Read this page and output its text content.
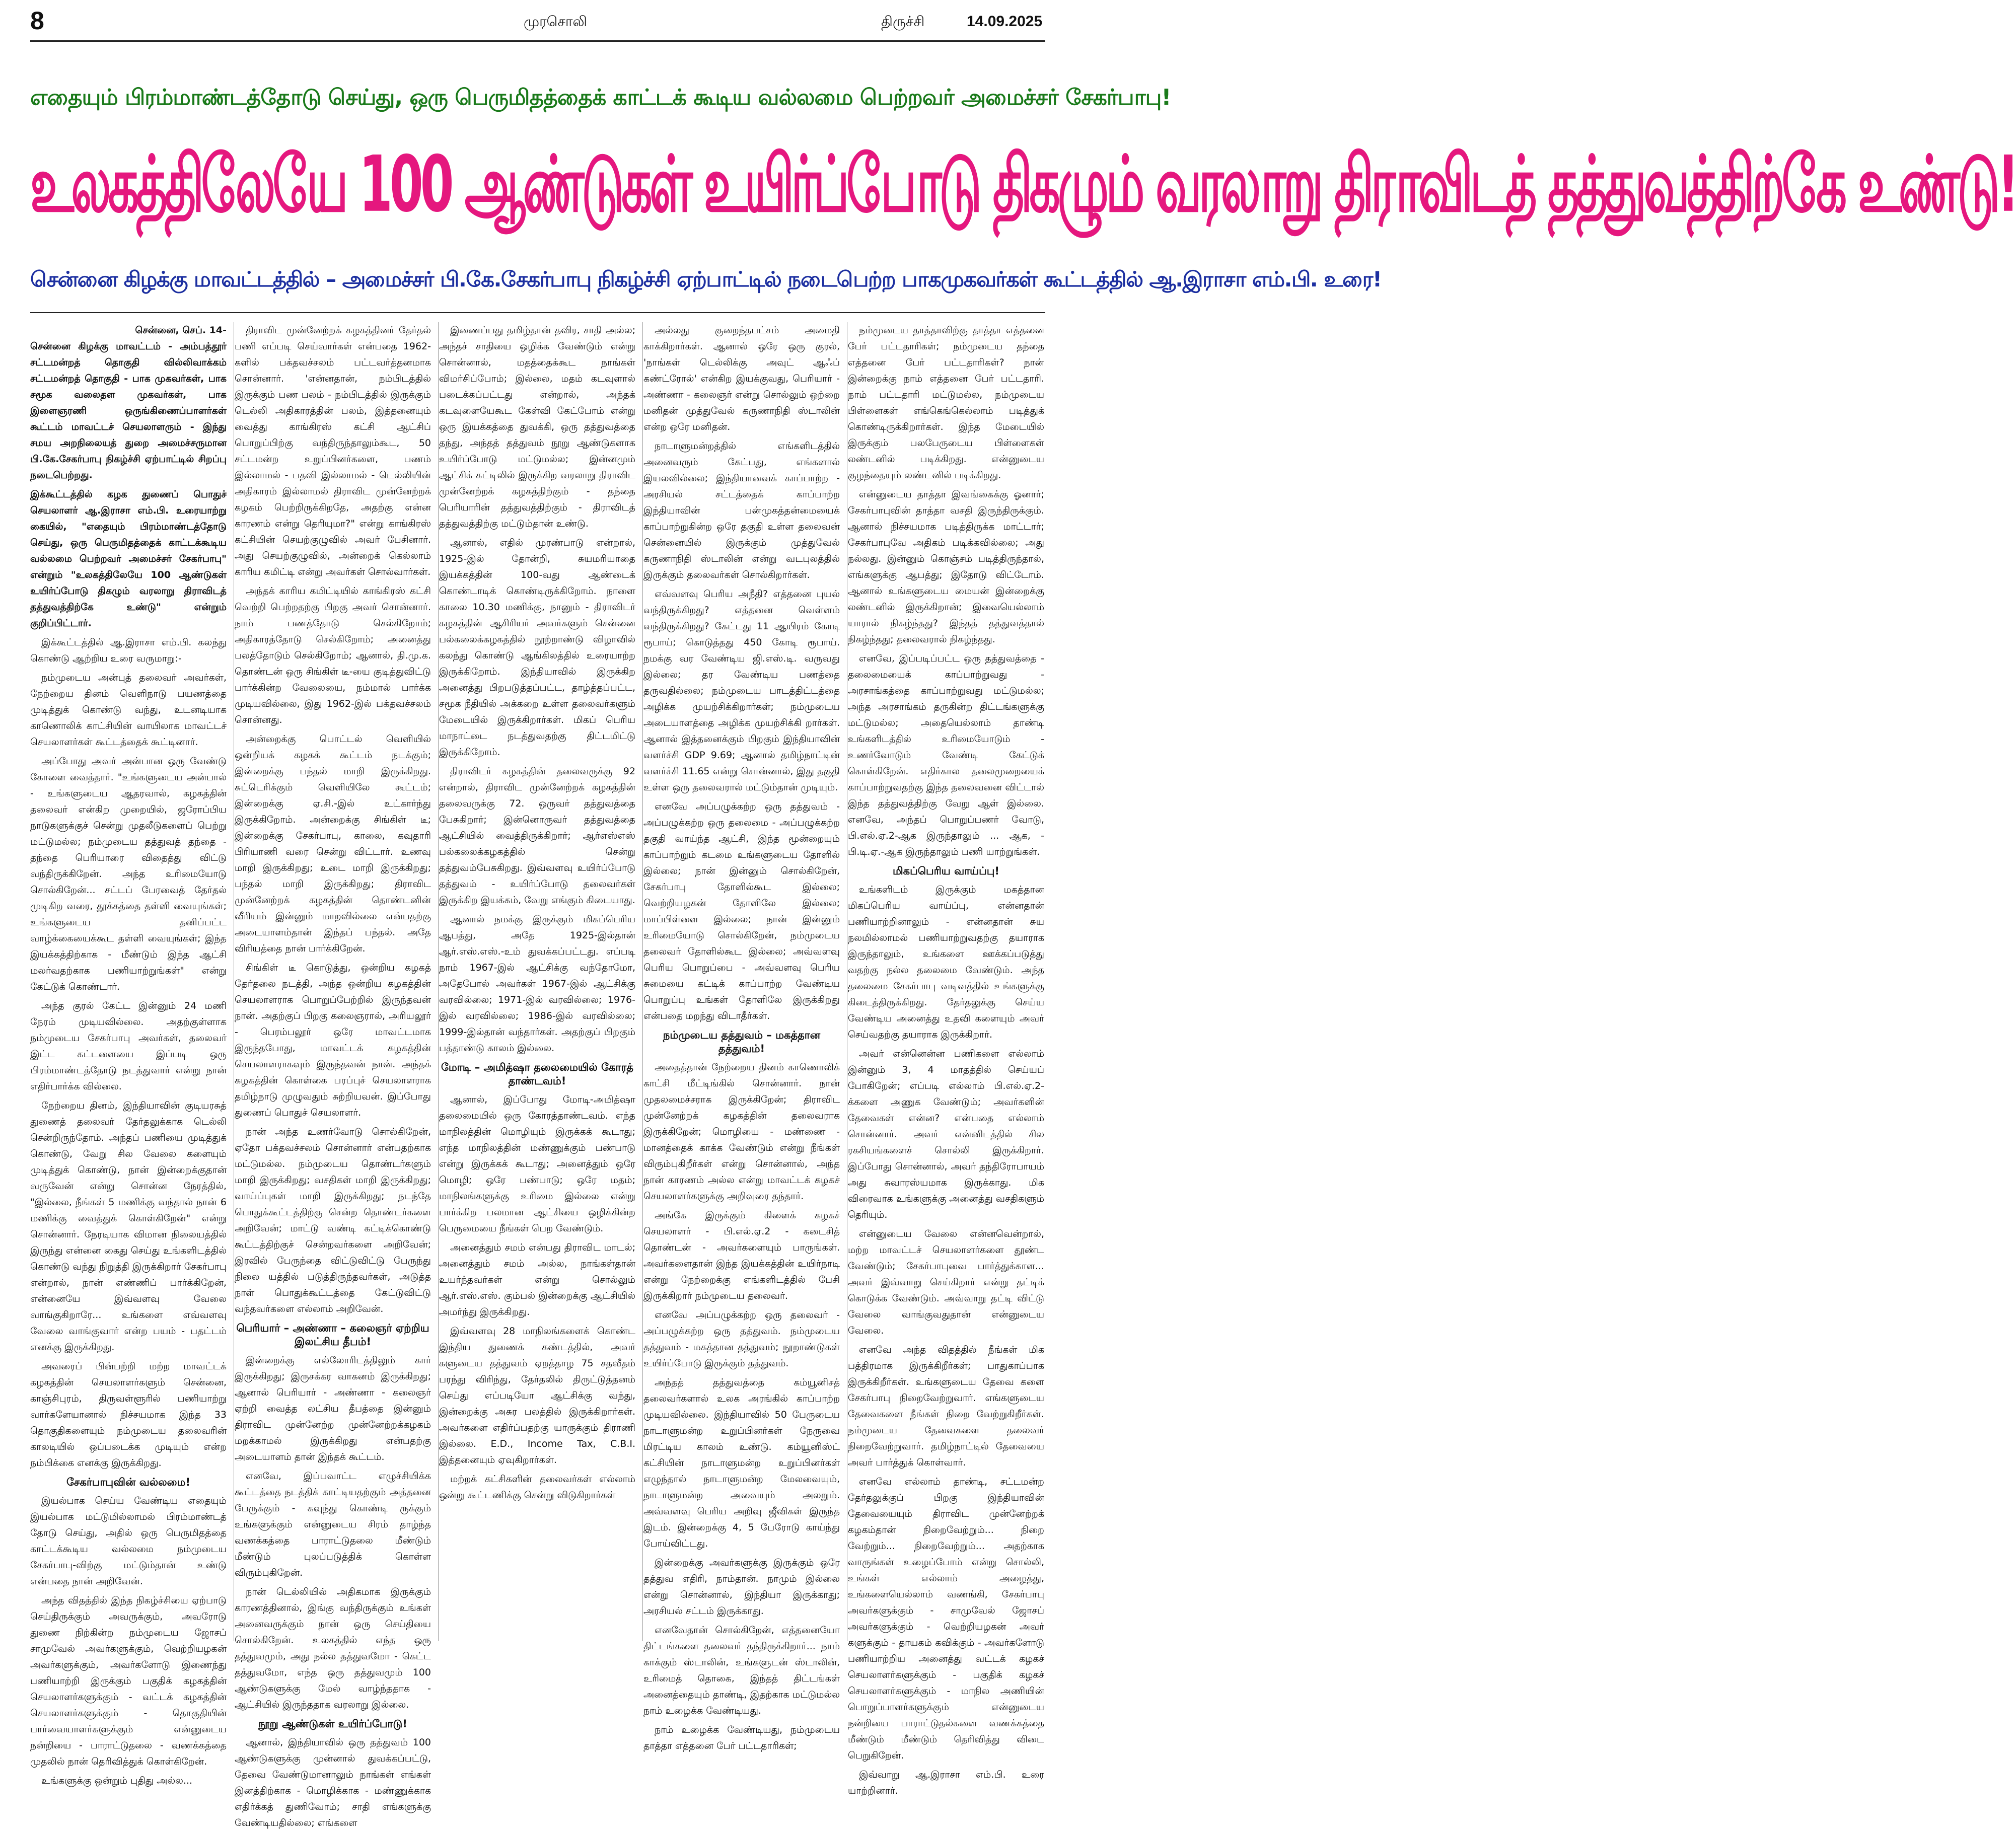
8	முரசொலி	திருச்சி	14.09.2025
எதையும் பிரம்மாண்டத்தோடு செய்து, ஒரு பெருமிதத்தைக் காட்டக் கூடிய வல்லமை பெற்றவர் அமைச்சர் சேகர்பாபு!
உலகத்திலேயே 100 ஆண்டுகள் உயிர்ப்போடு திகழும் வரலாறு திராவிடத் தத்துவத்திற்கே உண்டு!
சென்னை கிழக்கு மாவட்டத்தில் – அமைச்சர் பி.கே.சேகர்பாபு நிகழ்ச்சி ஏற்பாட்டில் நடைபெற்ற பாகமுகவர்கள் கூட்டத்தில் ஆ.இராசா எம்.பி. உரை!
சென்னை, செப். 14-

சென்னை கிழக்கு மாவட்டம் - அம்பத்தூர் சட்டமன்றத் தொகுதி வில்லிவாக்கம் சட்டமன்றத் தொகுதி - பாக முகவர்கள், பாக சமூக வலைதள முகவர்கள், பாக இளைஞரணி ஒருங்கிணைப்பாளர்கள் கூட்டம் மாவட்டச் செயலாளரும் - இந்து சமய அறநிலையத் துறை அமைச்சருமான பி.கே.சேகர்பாபு நிகழ்ச்சி ஏற்பாட்டில் சிறப்பு நடைபெற்றது.

இக்கூட்டத்தில் கழக துணைப் பொதுச் செயலாளர் ஆ.இராசா எம்.பி. உரையாற்று கையில், "எதையும் பிரம்மாண்டத்தோடு செய்து, ஒரு பெருமிதத்தைக் காட்டக்கூடிய வல்லமை பெற்றவர் அமைச்சர் சேகர்பாபு" என்றும் "உலகத்திலேயே 100 ஆண்டுகள் உயிர்ப்போடு திகழும் வரலாறு திராவிடத் தத்துவத்திற்கே உண்டு" என்றும் குறிப்பிட்டார்.

இக்கூட்டத்தில் ஆ.இராசா எம்.பி. கலந்து கொண்டு ஆற்றிய உரை வருமாறு:-

நம்முடைய அன்புத் தலைவர் அவர்கள், நேற்றைய தினம் வெளிநாடு பயணத்தை முடித்துக் கொண்டு வந்து, உடனடியாக காணொலிக் காட்சியின் வாயிலாக மாவட்டச் செயலாளர்கள் கூட்டத்தைக் கூட்டினார்.

அப்போது அவர் அன்பான ஒரு வேண்டு கோளை வைத்தார். "உங்களுடைய அன்பால் - உங்களுடைய ஆதரவால், கழகத்தின் தலைவர் என்கிற முறையில், ஜரோப்பிய நாடுகளுக்குச் சென்று முதலீடுகளைப் பெற்று மட்டுமல்ல; நம்முடைய தத்துவத் தந்தை - தந்தை பெரியாரை விதைத்து விட்டு வந்திருக்கிறேன். அந்த உரிமையோடு சொல்கிறேன்... சட்டப் பேரவைத் தேர்தல் முடிகிற வரை, தூக்கத்தை தள்ளி வையுங்கள்; உங்களுடைய தனிப்பட்ட வாழ்க்கையைக்கூட தள்ளி வையுங்கள்; இந்த இயக்கத்திற்காக - மீண்டும் இந்த ஆட்சி மலர்வதற்காக பணியாற்றுங்கள்" என்று கேட்டுக் கொண்டார்.

அந்த குரல் கேட்ட இன்னும் 24 மணி நேரம் முடியவில்லை. அதற்குள்ளாக நம்முடைய சேகர்பாபு அவர்கள், தலைவர் இட்ட கட்டளையை இப்படி ஒரு பிரம்மாண்டத்தோடு நடத்துவார் என்று நான் எதிர்பார்க்க வில்லை.

நேற்றைய தினம், இந்தியாவின் குடியரசுத் துணைத் தலைவர் தேர்தலுக்காக டெல்லி சென்றிருந்தோம். அந்தப் பணியை முடித்துக் கொண்டு, வேறு சில வேலை களையும் முடித்துக் கொண்டு, நான் இன்றைக்குதான் வருவேன் என்று சொன்ன நேரத்தில், "இல்லை, நீங்கள் 5 மணிக்கு வந்தால் நான் 6 மணிக்கு வைத்துக் கொள்கிறேன்" என்று சொன்னார். நேரடியாக விமான நிலையத்தில் இருந்து என்னை கைது செய்து உங்களிடத்தில் கொண்டு வந்து நிறுத்தி இருக்கிறார் சேகர்பாபு என்றால், நான் எண்ணிப் பார்க்கிறேன், என்னையே இவ்வளவு வேலை வாங்குகிறாரே... உங்களை எவ்வளவு வேலை வாங்குவார் என்ற பயம் - பதட்டம் எனக்கு இருக்கிறது.

அவரைப் பின்பற்றி மற்ற மாவட்டக் கழகத்தின் செயலாளர்களும் சென்னை, காஞ்சிபுரம், திருவள்ளூரில் பணியாற்று வார்களேயானால் நிச்சயமாக இந்த 33 தொகுதிகளையும் நம்முடைய தலைவரின் காலடியில் ஒப்படைக்க முடியும் என்ற நம்பிக்கை எனக்கு இருக்கிறது.

சேகர்பாபுவின் வல்லமை!

இயல்பாக செய்ய வேண்டிய எதையும் இயல்பாக மட்டுமில்லாமல் பிரம்மாண்டத் தோடு செய்து, அதில் ஒரு பெருமிதத்தை காட்டக்கூடிய வல்லமை நம்முடைய சேகர்பாபு-விற்கு மட்டும்தான் உண்டு என்பதை நான் அறிவேன்.

அந்த விதத்தில் இந்த நிகழ்ச்சியை ஏற்பாடு செய்திருக்கும் அவருக்கும், அவரோடு துணை நிற்கின்ற நம்முடைய ஜோசப் சாமுவேல் அவர்களுக்கும், வெற்றியழகன் அவர்களுக்கும், அவர்களோடு இணைந்து பணியாற்றி இருக்கும் பகுதிக் கழகத்தின் செயலாளர்களுக்கும் - வட்டக் கழகத்தின் செயலாளர்களுக்கும் - தொகுதியின் பார்வையாளர்களுக்கும் என்னுடைய நன்றியை - பாராட்டுதலை - வணக்கத்தை முதலில் நான் தெரிவித்துக் கொள்கிறேன்.

உங்களுக்கு ஒன்றும் புதிது அல்ல...

திராவிட முன்னேற்றக் கழகத்தினர் தேர்தல் பணி எப்படி செய்வார்கள் என்பதை 1962-களில் பக்தவச்சலம் பட்டவர்த்தனமாக சொன்னார். 'என்னதான், நம்பிடத்தில் இருக்கும் பண பலம் - நம்பிடத்தில் இருக்கும் டெல்லி அதிகாரத்தின் பலம், இத்தனையும் வைத்து காங்கிரஸ் கட்சி ஆட்சிப் பொறுப்பிற்கு வந்திருந்தாலும்கூட, 50 சட்டமன்ற உறுப்பினர்களை, பணம் இல்லாமல் - பதவி இல்லாமல் - டெல்லியின் அதிகாரம் இல்லாமல் திராவிட முன்னேற்றக் கழகம் பெற்றிருக்கிறதே, அதற்கு என்ன காரணம் என்று தெரியுமா?" என்று காங்கிரஸ் கட்சியின் செயற்குழுவில் அவர் பேசினார். அது செயற்குழுவில், அன்றைக் கெல்லாம் காரிய கமிட்டி என்று அவர்கள் சொல்வார்கள்.

அந்தக் காரிய கமிட்டியில் காங்கிரஸ் கட்சி வெற்றி பெற்றதற்கு பிறகு அவர் சொன்னார். நாம் பணத்தோடு செல்கிறோம்; அதிகாரத்தோடு செல்கிறோம்; அனைத்து பலத்தோடும் செல்கிறோம்; ஆனால், தி.மு.க. தொண்டன் ஒரு சிங்கிள் டீ-யை குடித்துவிட்டு பார்க்கின்ற வேலையை, நம்மால் பார்க்க முடியவில்லை, இது 1962-இல் பக்தவச்சலம் சொன்னது.

அன்றைக்கு பொட்டல் வெளியில் ஒன்றியக் கழகக் கூட்டம் நடக்கும்; இன்றைக்கு பந்தல் மாறி இருக்கிறது. சுட்டெரிக்கும் வெளியிலே கூட்டம்; இன்றைக்கு ஏ.சி.-இல் உட்கார்ந்து இருக்கிறோம். அன்றைக்கு சிங்கிள் டீ; இன்றைக்கு சேகர்பாபு, காலை, கவுதாரி பிரியாணி வரை சென்று விட்டார். உணவு மாறி இருக்கிறது; உடை மாறி இருக்கிறது; பந்தல் மாறி இருக்கிறது; திராவிட முன்னேற்றக் கழகத்தின் தொண்டனின் வீரியம் இன்னும் மாறவில்லை என்பதற்கு அடையாளம்தான் இந்தப் பந்தல். அதே விரியத்தை நான் பார்க்கிறேன்.

சிங்கிள் டீ கொடுத்து, ஒன்றிய கழகத் தேர்தலை நடத்தி, அந்த ஒன்றிய கழகத்தின் செயலாளராக பொறுப்பேற்றில் இருந்தவன் நான். அதற்குப் பிறகு கலைஞரால், அரியலூர் - பெரம்பலூர் ஒரே மாவட்டமாக இருந்தபோது, மாவட்டக் கழகத்தின் செயலாளராகவும் இருந்தவன் நான். அந்தக் கழகத்தின் கொள்கை பரப்புச் செயலாளராக தமிழ்நாடு முழுவதும் சுற்றியவன். இப்போது துணைப் பொதுச் செயலாளர்.

நான் அந்த உணர்வோடு சொல்கிறேன், ஏதோ பக்தவச்சலம் சொன்னார் என்பதற்காக மட்டுமல்ல. நம்முடைய தொண்டர்களும் மாறி இருக்கிறது; வசதிகள் மாறி இருக்கிறது; வாய்ப்புகள் மாறி இருக்கிறது; நடந்தே பொதுக்கூட்டத்திற்கு சென்ற தொண்டர்களை அறிவேன்; மாட்டு வண்டி கட்டிக்கொண்டு கூட்டத்திற்குச் சென்றவர்களை அறிவேன்; இரவில் பேருந்தை விட்டுவிட்டு பேருந்து நிலை யத்தில் படுத்திருந்தவர்கள், அடுத்த நாள் பொதுக்கூட்டத்தை கேட்டுவிட்டு வந்தவர்களை எல்லாம் அறிவேன்.

பெரியார் – அண்ணா – கலைஞர் ஏற்றிய இலட்சிய தீபம்!

இன்றைக்கு எல்லோரிடத்திலும் கார் இருக்கிறது; இருசக்கர வாகனம் இருக்கிறது; ஆனால் பெரியார் - அண்ணா - கலைஞர் ஏற்றி வைத்த லட்சிய தீபத்தை இன்னும் திராவிட முன்னேற்ற முன்னேற்றக்கழகம் மறக்காமல் இருக்கிறது என்பதற்கு அடையாளம் தான் இந்தக் கூட்டம்.

எனவே, இப்பவாட்ட எழுச்சியிக்க கூட்டத்தை நடத்திக் காட்டியதற்கும் அத்தனை பேருக்கும் - கவுந்து கொண்டி ருக்கும் உங்களுக்கும் என்னுடைய சிரம் தாழ்ந்த வணக்கத்தை பாராட்டுதலை மீண்டும் மீண்டும் புலப்படுத்திக் கொள்ள விரும்புகிறேன்.

நான் டெல்லியில் அதிகமாக இருக்கும் காரணத்தினால், இங்கு வந்திருக்கும் உங்கள் அனைவருக்கும் நான் ஒரு செய்தியை சொல்கிறேன். உலகத்தில் எந்த ஒரு தத்துவமும், அது நல்ல தத்துவமோ - கெட்ட தத்துவமோ, எந்த ஒரு தத்துவமும் 100 ஆண்டுகளுக்கு மேல் வாழ்ந்ததாக - ஆட்சியில் இருந்ததாக வரலாறு இல்லை.

நூறு ஆண்டுகள் உயிர்ப்போடு!

ஆனால், இந்தியாவில் ஒரு தத்துவம் 100 ஆண்டுகளுக்கு முன்னால் துவக்கப்பட்டு, தேவை வேண்டுமானாலும் நாங்கள் எங்கள் இனத்திற்காக - மொழிக்காக - மண்ணுக்காக எதிர்க்கத் துணிவோம்; சாதி எங்களுக்கு வேண்டியதில்லை; எங்களை

இணைப்பது தமிழ்தான் தவிர, சாதி அல்ல; அந்தச் சாதியை ஒழிக்க வேண்டும் என்று சொன்னால், மதத்தைக்கூட நாங்கள் விமர்சிப்போம்; இல்லை, மதம் கடவுளால் படைக்கப்பட்டது என்றால், அந்தக் கடவுளையேகூட கேள்வி கேட்போம் என்று ஒரு இயக்கத்தை துவக்கி, ஒரு தத்துவத்தை தந்து, அந்தத் தத்துவம் நூறு ஆண்டுகளாக உயிர்ப்போடு மட்டுமல்ல; இன்னமும் ஆட்சிக் கட்டிலில் இருக்கிற வரலாறு திராவிட முன்னேற்றக் கழகத்திற்கும் - தந்தை பெரியாரின் தத்துவத்திற்கும் - திராவிடத் தத்துவத்திற்கு மட்டும்தான் உண்டு.

ஆனால், எதில் முரண்பாடு என்றால், 1925-இல் தோன்றி, சுயமரியாதை இயக்கத்தின் 100-வது ஆண்டைக் கொண்டாடிக் கொண்டிருக்கிறோம். நாளை காலை 10.30 மணிக்கு, நானும் - திராவிடர் கழகத்தின் ஆசிரியர் அவர்களும் சென்னை பல்கலைக்கழகத்தில் நூற்றாண்டு விழாவில் கலந்து கொண்டு ஆங்கிலத்தில் உரையாற்ற இருக்கிறோம். இந்தியாவில் இருக்கிற அனைத்து பிறபடுத்தப்பட்ட, தாழ்த்தப்பட்ட, சமூக நீதியில் அக்கறை உள்ள தலைவர்களும் மேடையில் இருக்கிறார்கள். மிகப் பெரிய மாநாட்டை நடத்துவதற்கு திட்டமிட்டு இருக்கிறோம்.

திராவிடர் கழகத்தின் தலைவருக்கு 92 என்றால், திராவிட முன்னேற்றக் கழகத்தின் தலைவருக்கு 72. ஒருவர் தத்துவத்தை பேசுகிறார்; இன்னொருவர் தத்துவத்தை ஆட்சியில் வைத்திருக்கிறார்; ஆர்எஸ்எஸ் பல்கலைக்கழகத்தில் சென்று தத்துவம்பேசுகிறது. இவ்வளவு உயிர்ப்போடு தத்துவம் - உயிர்ப்போடு தலைவர்கள் இருக்கிற இயக்கம், வேறு எங்கும் கிடையாது.

ஆனால் நமக்கு இருக்கும் மிகப்பெரிய ஆபத்து, அதே 1925-இல்தான் ஆர்.எஸ்.எஸ்.-உம் துவக்கப்பட்டது. எப்படி நாம் 1967-இல் ஆட்சிக்கு வந்தோமோ, அதேபோல் அவர்கள் 1967-இல் ஆட்சிக்கு வரவில்லை; 1971-இல் வரவில்லை; 1976-இல் வரவில்லை; 1986-இல் வரவில்லை; 1999-இல்தான் வந்தார்கள். அதற்குப் பிறகும் பத்தாண்டு காலம் இல்லை.

மோடி – அமித்ஷா தலைமையில் கோரத் தாண்டவம்!

ஆனால், இப்போது மோடி-அமித்ஷா தலைமையில் ஒரு கோரத்தாண்டவம். எந்த மாநிலத்தின் மொழியும் இருக்கக் கூடாது; எந்த மாநிலத்தின் மண்ணுக்கும் பண்பாடு என்று இருக்கக் கூடாது; அனைத்தும் ஒரே மொழி; ஒரே பண்பாடு; ஒரே மதம்; மாநிலங்களுக்கு உரிமை இல்லை என்று பார்க்கிற பலமான ஆட்சியை ஒழிக்கின்ற பெருமையை நீங்கள் பெற வேண்டும்.

அனைத்தும் சமம் என்பது திராவிட மாடல்; அனைத்தும் சமம் அல்ல, நாங்கள்தான் உயர்ந்தவர்கள் என்று சொல்லும் ஆர்.எஸ்.எஸ். கும்பல் இன்றைக்கு ஆட்சியில் அமர்ந்து இருக்கிறது.

இவ்வளவு 28 மாநிலங்களைக் கொண்ட இந்திய துணைக் கண்டத்தில், அவர் களுடைய தத்துவம் ஏறத்தாழ 75 சதவீதம் பரந்து விரிந்து, தேர்தலில் திருட்டுத்தனம் செய்து எப்படியோ ஆட்சிக்கு வந்து, இன்றைக்கு அசுர பலத்தில் இருக்கிறார்கள். அவர்களை எதிர்ப்பதற்கு யாருக்கும் திராணி இல்லை. E.D., Income Tax, C.B.I. இத்தனையும் ஏவுகிறார்கள்.

மற்றக் கட்சிகளின் தலைவர்கள் எல்லாம் ஒன்று கூட்டணிக்கு சென்று விடுகிறார்கள்

அல்லது குறைந்தபட்சம் அமைதி காக்கிறார்கள். ஆனால் ஒரே ஒரு குரல், 'நாங்கள் டெல்லிக்கு அவுட் ஆஃப் கண்ட்ரோல்' என்கிற இயக்குவது, பெரியார் - அண்ணா - கலைஞர் என்று சொல்லும் ஒற்றை மனிதன் முத்துவேல் கருணாநிதி ஸ்டாலின் என்ற ஒரே மனிதன்.

நாடாளுமன்றத்தில் எங்களிடத்தில் அனைவரும் கேட்பது, எங்களால் இயலவில்லை; இந்தியாவைக் காப்பாற்ற - அரசியல் சட்டத்தைக் காப்பாற்ற இந்தியாவின் பன்முகத்தன்மையைக் காப்பாற்றுகின்ற ஒரே தகுதி உள்ள தலைவன் சென்னையில் இருக்கும் முத்துவேல் கருணாநிதி ஸ்டாலின் என்று வடபுலத்தில் இருக்கும் தலைவர்கள் சொல்கிறார்கள்.

எவ்வளவு பெரிய அநீதி? எத்தனை புயல் வந்திருக்கிறது? எத்தனை வெள்ளம் வந்திருக்கிறது? கேட்டது 11 ஆயிரம் கோடி ரூபாய்; கொடுத்தது 450 கோடி ரூபாய். நமக்கு வர வேண்டிய ஜி.எஸ்.டி. வருவது இல்லை; தர வேண்டிய பணத்தை தருவதில்லை; நம்முடைய பாடத்திட்டத்தை அழிக்க முயற்சிக்கிறார்கள்; நம்முடைய அடையாளத்தை அழிக்க முயற்சிக்கி றார்கள். ஆனால் இத்தனைக்கும் பிறகும் இந்தியாவின் வளர்ச்சி GDP 9.69; ஆனால் தமிழ்நாட்டின் வளர்ச்சி 11.65 என்று சொன்னால், இது தகுதி உள்ள ஒரு தலைவரால் மட்டும்தான் முடியும்.

எனவே அப்பழுக்கற்ற ஒரு தத்துவம் - அப்பழுக்கற்ற ஒரு தலைமை - அப்பழுக்கற்ற தகுதி வாய்ந்த ஆட்சி, இந்த மூன்றையும் காப்பாற்றும் கடமை உங்களுடைய தோளில் இல்லை; நான் இன்னும் சொல்கிறேன், சேகர்பாபு தோளில்கூட இல்லை; வெற்றியழகன் தோளிலே இல்லை; மாப்பிள்ளை இல்லை; நான் இன்னும் உரிமையோடு சொல்கிறேன், நம்முடைய தலைவர் தோளில்கூட இல்லை; அவ்வளவு பெரிய பொறுப்பை - அவ்வளவு பெரிய சுமையை கட்டிக் காப்பாற்ற வேண்டிய பொறுப்பு உங்கள் தோளிலே இருக்கிறது என்பதை மறந்து விடாதீர்கள்.

நம்முடைய தத்துவம் – மகத்தான தத்துவம்!

அதைத்தான் நேற்றைய தினம் காணொலிக் காட்சி மீட்டிங்கில் சொன்னார். நான் முதலமைச்சராக இருக்கிறேன்; திராவிட முன்னேற்றக் கழகத்தின் தலைவராக இருக்கிறேன்; மொழியை - மண்ணை - மானத்தைக் காக்க வேண்டும் என்று நீங்கள் விரும்புகிறீர்கள் என்று சொன்னால், அந்த நான் காரணம் அல்ல என்று மாவட்டக் கழகச் செயலாளர்களுக்கு அறிவுரை தந்தார்.

அங்கே இருக்கும் கிளைக் கழகச் செயலாளர் - பி.எல்.ஏ.2 - கடைசித் தொண்டன் - அவர்களையும் பாருங்கள். அவர்களைதான் இந்த இயக்கத்தின் உயிர்நாடி என்று நேற்றைக்கு எங்களிடத்தில் பேசி இருக்கிறார் நம்முடைய தலைவர்.

எனவே அப்பழுக்கற்ற ஒரு தலைவர் - அப்பழுக்கற்ற ஒரு தத்துவம். நம்முடைய தத்துவம் - மகத்தான தத்துவம்; நூறாண்டுகள் உயிர்ப்போடு இருக்கும் தத்துவம்.

அந்தத் தத்துவத்தை கம்யூனிசத் தலைவர்களால் உலக அரங்கில் காப்பாற்ற முடியவில்லை. இந்தியாவில் 50 பேருடைய நாடாளுமன்ற உறுப்பினர்கள் நேருவை மிரட்டிய காலம் உண்டு. கம்யூனிஸ்ட் கட்சியின் நாடாளுமன்ற உறுப்பினர்கள் எழுந்தால் நாடாளுமன்ற மேலவையும், நாடாளுமன்ற அவையும் அலறும். அவ்வளவு பெரிய அறிவு ஜீவிகள் இருந்த இடம். இன்றைக்கு 4, 5 பேரோடு காய்ந்து போய்விட்டது.

இன்றைக்கு அவர்களுக்கு இருக்கும் ஒரே தத்துவ எதிரி, நாம்தான். நாமும் இல்லை என்று சொன்னால், இந்தியா இருக்காது; அரசியல் சட்டம் இருக்காது.

எனவேதான் சொல்கிறேன், எத்தனையோ திட்டங்களை தலைவர் தந்திருக்கிறார்... நாம் காக்கும் ஸ்டாலின், உங்களுடன் ஸ்டாலின், உரிமைத் தொகை, இந்தத் திட்டங்கள் அனைத்தையும் தாண்டி, இதற்காக மட்டுமல்ல நாம் உழைக்க வேண்டியது.

நாம் உழைக்க வேண்டியது, நம்முடைய தாத்தா எத்தனை பேர் பட்டதாரிகள்;

நம்முடைய தாத்தாவிற்கு தாத்தா எத்தனை பேர் பட்டதாரிகள்; நம்முடைய தந்தை எத்தனை பேர் பட்டதாரிகள்? நான் இன்றைக்கு நாம் எத்தனை பேர் பட்டதாரி. நாம் பட்டதாரி மட்டுமல்ல, நம்முடைய பிள்ளைகள் எங்கெங்கெல்லாம் படித்துக் கொண்டிருக்கிறார்கள். இந்த மேடையில் இருக்கும் பலபேருடைய பிள்ளைகள் லண்டனில் படிக்கிறது. என்னுடைய குழந்தையும் லண்டனில் படிக்கிறது.

என்னுடைய தாத்தா இவங்கைக்கு ஓனார்; சேகர்பாபுவின் தாத்தா வசதி இருந்திருக்கும். ஆனால் நிச்சயமாக படித்திருக்க மாட்டார்; சேகர்பாபுவே அதிகம் படிக்கவில்லை; அது நல்லது. இன்னும் கொஞ்சம் படித்திருந்தால், எங்களுக்கு ஆபத்து; இதோடு விட்டோம். ஆனால் உங்களுடைய மையன் இன்றைக்கு லண்டனில் இருக்கிறான்; இவையெல்லாம் யாரால் நிகழ்ந்தது? இந்தத் தத்துவத்தால் நிகழ்ந்தது; தலைவரால் நிகழ்ந்தது.

எனவே, இப்படிப்பட்ட ஒரு தத்துவத்தை - தலைமையைக் காப்பாற்றுவது - அரசாங்கத்தை காப்பாற்றுவது மட்டுமல்ல; அந்த அரசாங்கம் தருகின்ற திட்டங்களுக்கு மட்டுமல்ல; அதையெல்லாம் தாண்டி உங்களிடத்தில் உரிமையோடும் - உணர்வோடும் வேண்டி கேட்டுக் கொள்கிறேன். எதிர்கால தலைமுறையைக் காப்பாற்றுவதற்கு இந்த தலைவனை விட்டால் இந்த தத்துவத்திற்கு வேறு ஆள் இல்லை. எனவே, அந்தப் பொறுப்பணர் வோடு, பி.எல்.ஏ.2-ஆக இருந்தாலும் ... ஆக, - பி.டி.ஏ.-ஆக இருந்தாலும் பணி யாற்றுங்கள்.

மிகப்பெரிய வாய்ப்பு!

உங்களிடம் இருக்கும் மகத்தான மிகப்பெரிய வாய்ப்பு, என்னதான் பணியாற்றினாலும் - என்னதான் சுய நலமில்லாமல் பணியாற்றுவதற்கு தயாராக இருந்தாலும், உங்களை ஊக்கப்படுத்து வதற்கு நல்ல தலைமை வேண்டும். அந்த தலைமை சேகர்பாபு வடிவத்தில் உங்களுக்கு கிடைத்திருக்கிறது. தேர்தலுக்கு செய்ய வேண்டிய அனைத்து உதவி களையும் அவர் செய்வதற்கு தயாராக இருக்கிறார்.

அவர் என்னென்ன பணிகளை எல்லாம் இன்னும் 3, 4 மாதத்தில் செய்யப் போகிறேன்; எப்படி எல்லாம் பி.எல்.ஏ.2-க்களை அணுக வேண்டும்; அவர்களின் தேவைகள் என்ன? என்பதை எல்லாம் சொன்னார். அவர் என்னிடத்தில் சில ரகசியங்களைச் சொல்லி இருக்கிறார். இப்போது சொன்னால், அவர் தந்திரோபாயம் அது சுவாரஸ்யமாக இருக்காது. மிக விரைவாக உங்களுக்கு அனைத்து வசதிகளும் தெரியும்.

என்னுடைய வேலை என்னவென்றால், மற்ற மாவட்டச் செயலாளர்களை தூண்ட வேண்டும்; சேகர்பாபுவை பார்த்துக்காள... அவர் இவ்வாறு செய்கிறார் என்று தட்டிக் கொடுக்க வேண்டும். அவ்வாறு தட்டி விட்டு வேலை வாங்குவதுதான் என்னுடைய வேலை.

எனவே அந்த விதத்தில் நீங்கள் மிக பத்திரமாக இருக்கிறீர்கள்; பாதுகாப்பாக இருக்கிறீர்கள். உங்களுடைய தேவை களை சேகர்பாபு நிறைவேற்றுவார். எங்களுடைய தேவைகளை நீங்கள் நிறை வேற்றுகிறீர்கள். நம்முடைய தேவைகளை தலைவர் நிறைவேற்றுவார். தமிழ்நாட்டில் தேவையை அவர் பார்த்துக் கொள்வார்.

எனவே எல்லாம் தாண்டி, சட்டமன்ற தேர்தலுக்குப் பிறகு இந்தியாவின் தேவையையும் திராவிட முன்னேற்றக் கழகம்தான் நிறைவேற்றும்... நிறை வேற்றும்... நிறைவேற்றும்... அதற்காக வாருங்கள் உழைப்போம் என்று சொல்லி, உங்கள் எல்லாம் அழைத்து, உங்களையெல்லாம் வணங்கி, சேகர்பாபு அவர்களுக்கும் - சாமுவேல் ஜோசப் அவர்களுக்கும் - வெற்றியழகன் அவர் களுக்கும் - தாயகம் கவிக்கும் - அவர்களோடு பணியாற்றிய அனைத்து வட்டக் கழகச் செயலாளர்களுக்கும் - பகுதிக் கழகச் செயலாளர்களுக்கும் - மாநில அணியின் பொறுப்பாளர்களுக்கும் என்னுடைய நன்றியை பாராட்டுதல்களை வணக்கத்தை மீண்டும் மீண்டும் தெரிவித்து விடை பெறுகிறேன்.

இவ்வாறு ஆ.இராசா எம்.பி. உரை யாற்றினார்.
